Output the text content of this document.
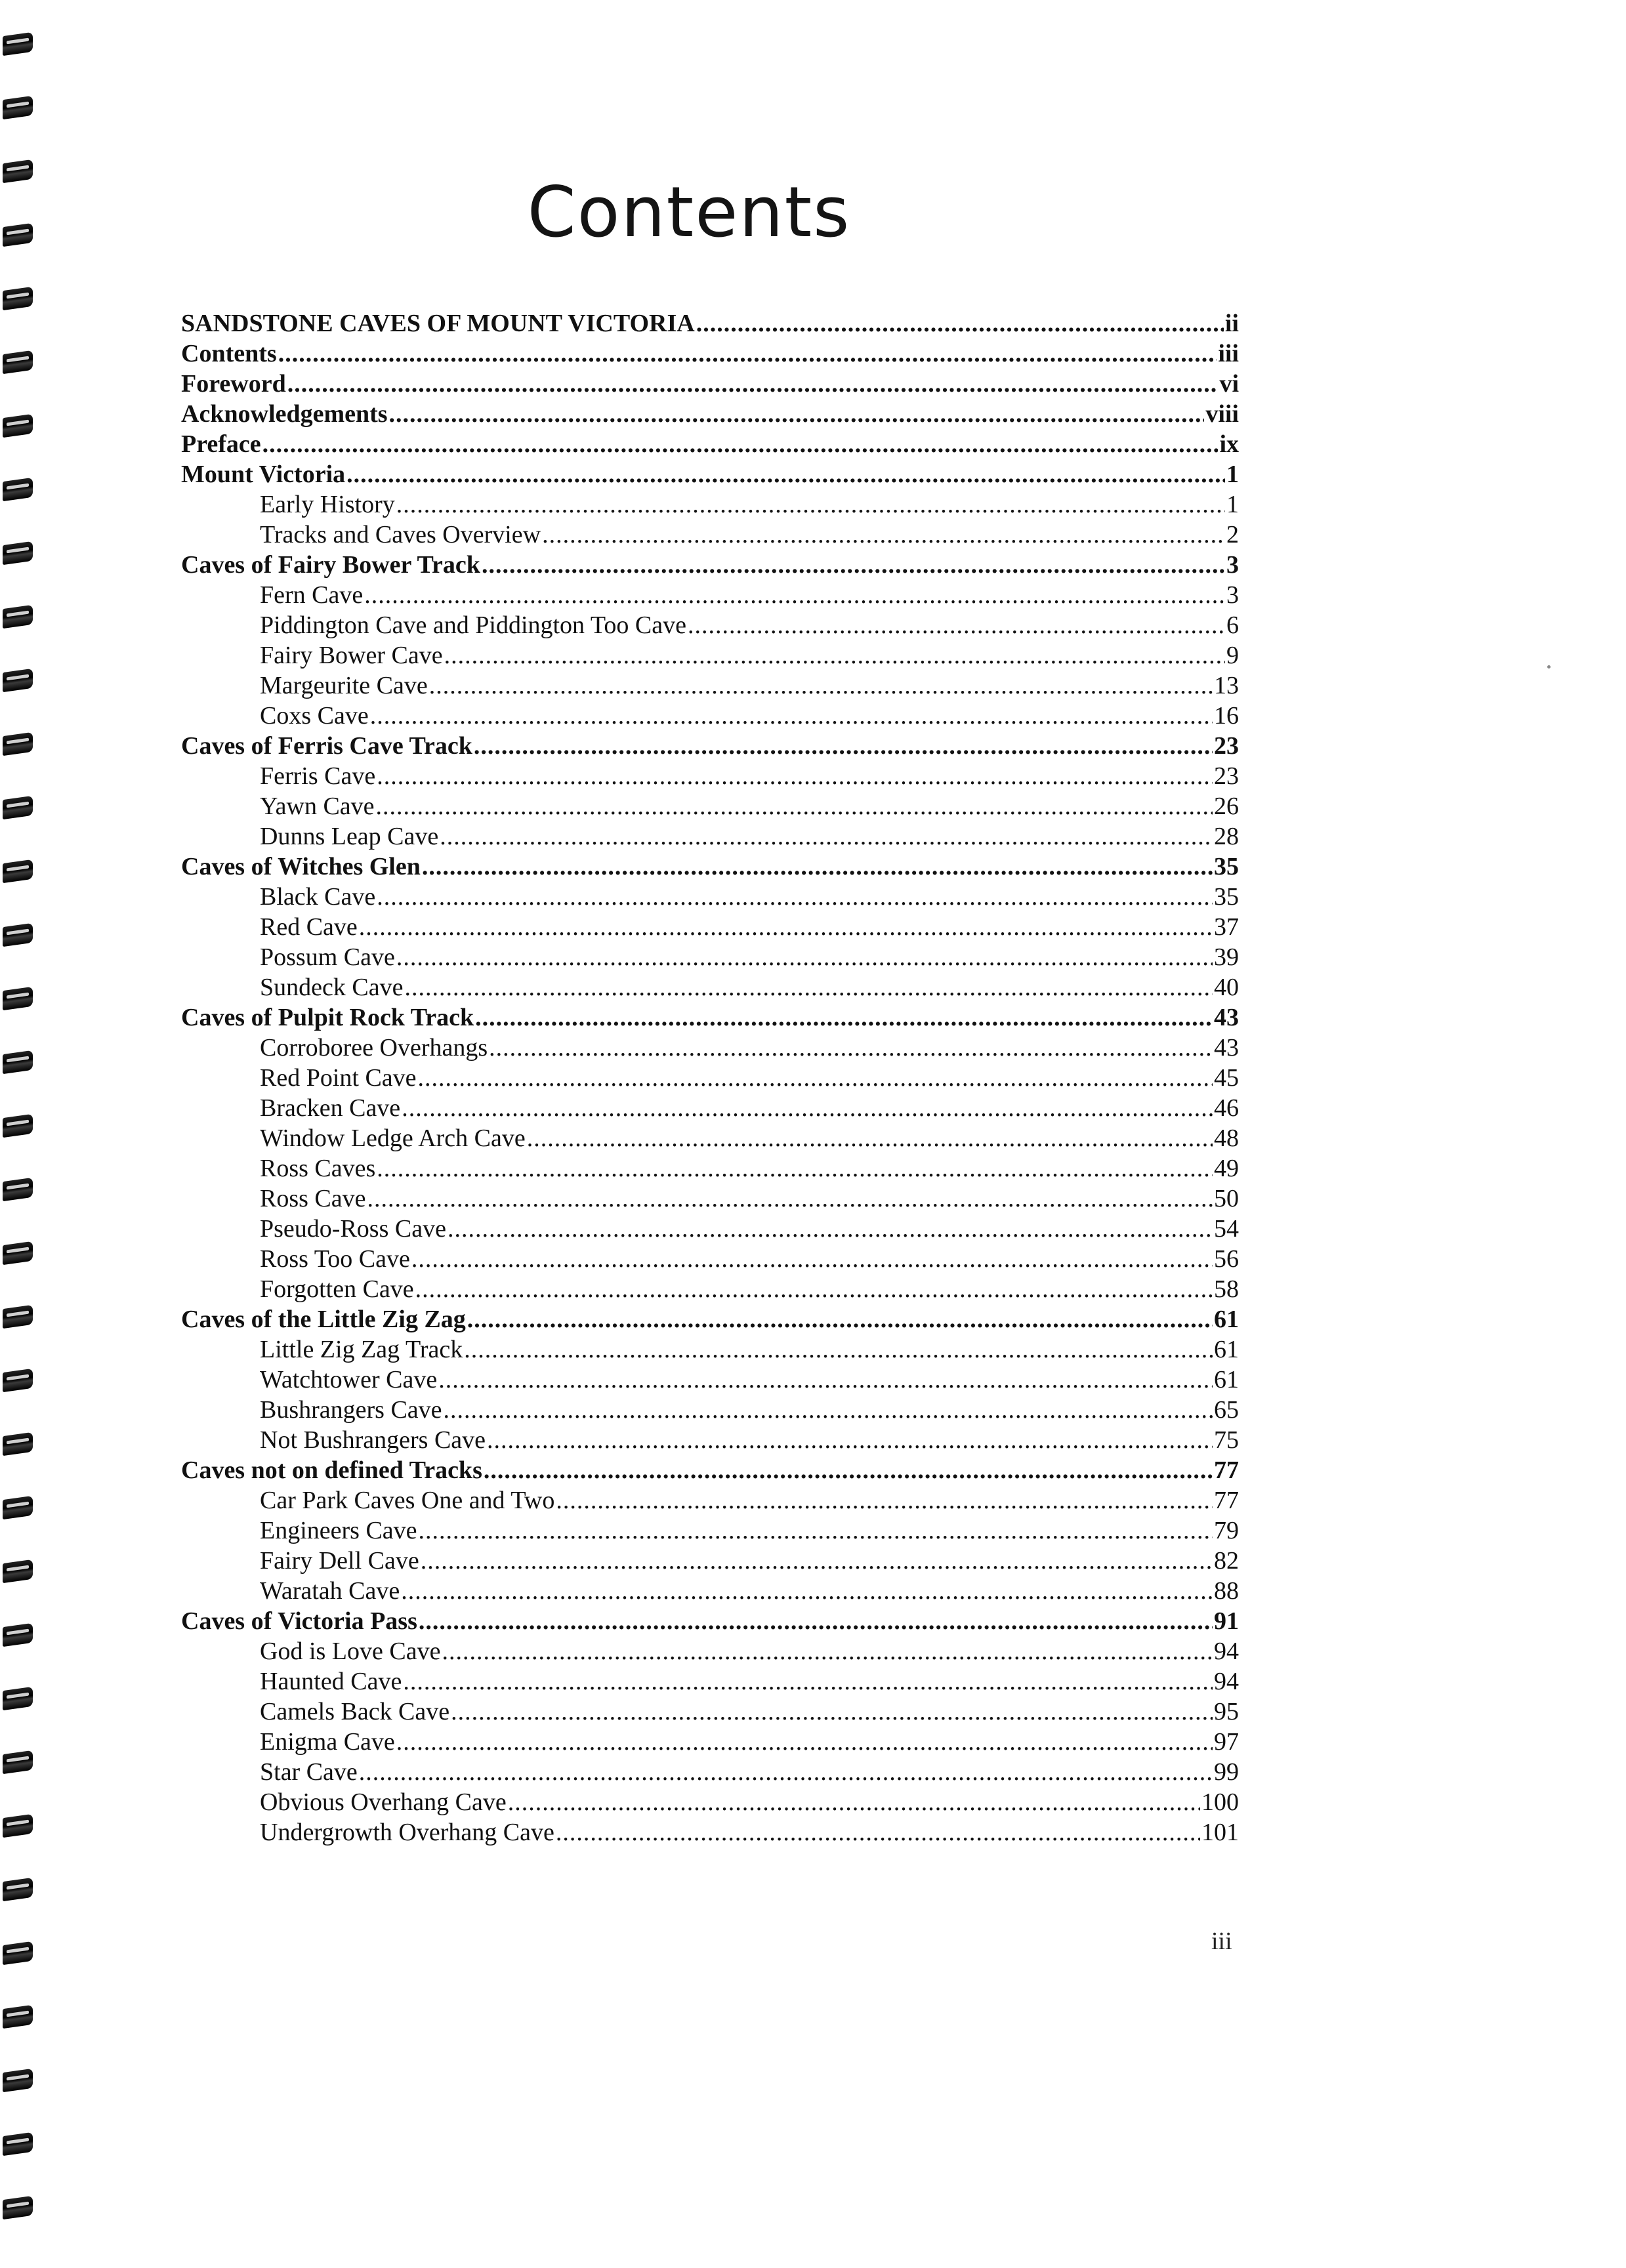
Contents
SANDSTONE CAVES OF MOUNT VICTORIA .....	ii
Contents .....	iii
Foreword .....	vi
Acknowledgements .....	viii
Preface .....	ix
Mount Victoria .....	1
Early History .....	1
Tracks and Caves Overview .....	2
Caves of Fairy Bower Track .....	3
Fern Cave .....	3
Piddington Cave and Piddington Too Cave .....	6
Fairy Bower Cave .....	9
Margeurite Cave .....	13
Coxs Cave .....	16
Caves of Ferris Cave Track .....	23
Ferris Cave .....	23
Yawn Cave .....	26
Dunns Leap Cave .....	28
Caves of Witches Glen .....	35
Black Cave .....	35
Red Cave .....	37
Possum Cave .....	39
Sundeck Cave .....	40
Caves of Pulpit Rock Track .....	43
Corroboree Overhangs .....	43
Red Point Cave .....	45
Bracken Cave .....	46
Window Ledge Arch Cave .....	48
Ross Caves .....	49
Ross Cave .....	50
Pseudo-Ross Cave .....	54
Ross Too Cave .....	56
Forgotten Cave .....	58
Caves of the Little Zig Zag .....	61
Little Zig Zag Track .....	61
Watchtower Cave .....	61
Bushrangers Cave .....	65
Not Bushrangers Cave .....	75
Caves not on defined Tracks .....	77
Car Park Caves One and Two .....	77
Engineers Cave .....	79
Fairy Dell Cave .....	82
Waratah Cave .....	88
Caves of Victoria Pass .....	91
God is Love Cave .....	94
Haunted Cave .....	94
Camels Back Cave .....	95
Enigma Cave .....	97
Star Cave .....	99
Obvious Overhang Cave .....	100
Undergrowth Overhang Cave .....	101
iii
